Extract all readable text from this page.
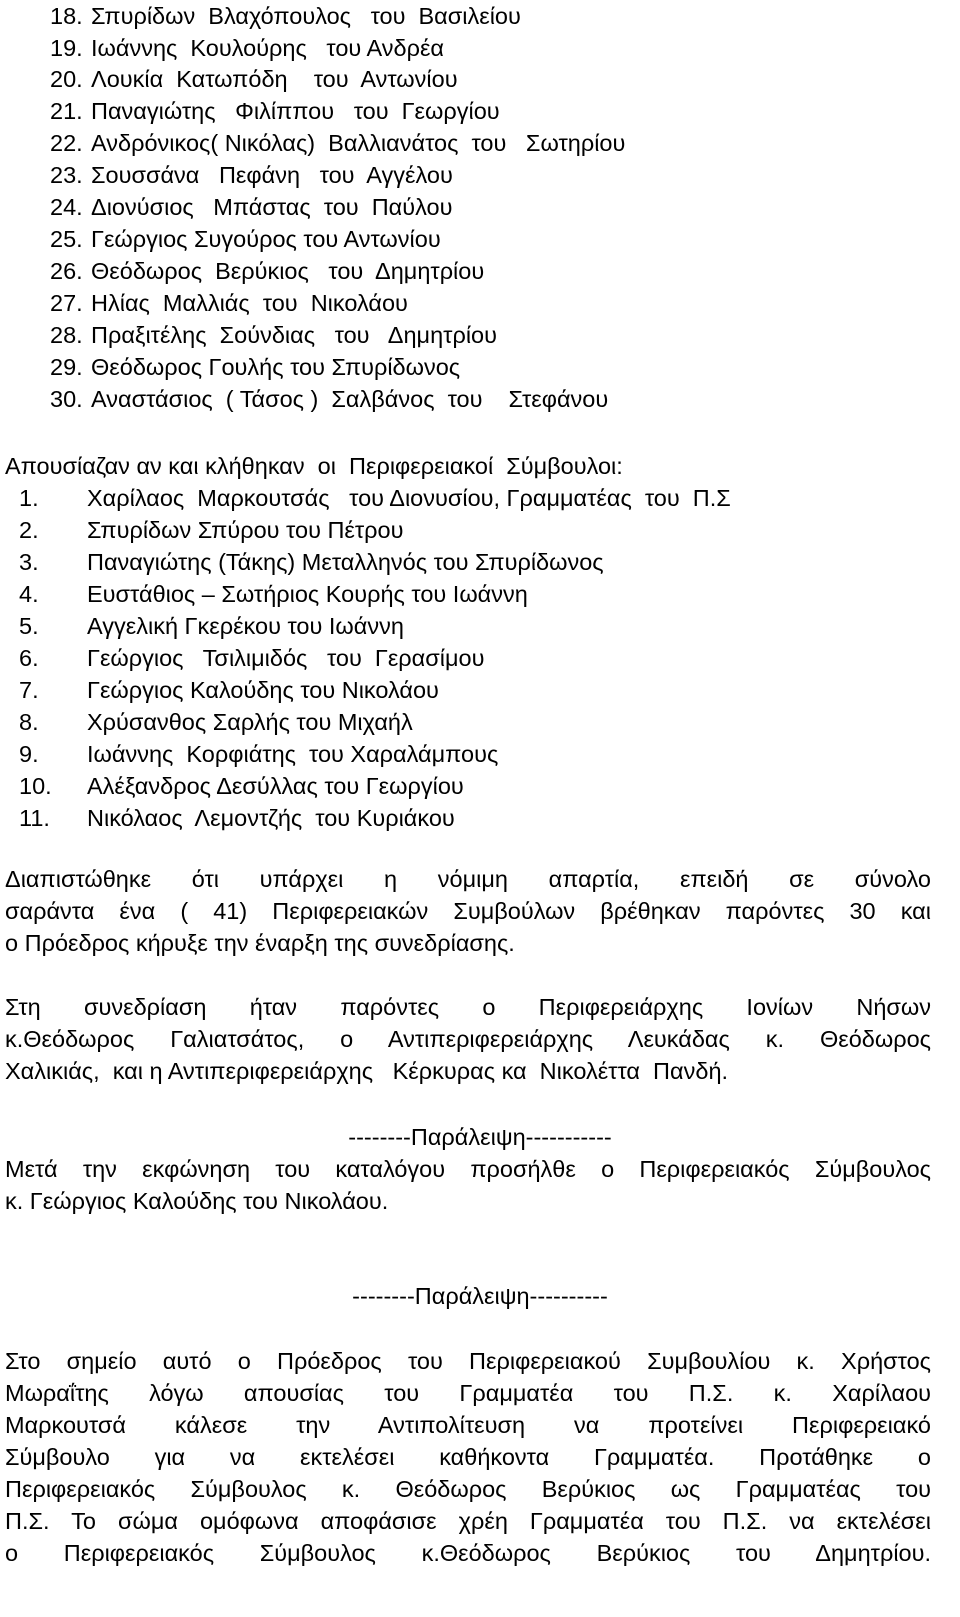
18. Σπυρίδων  Βλαχόπουλος   του  Βασιλείου
19. Ιωάννης  Κουλούρης   του Ανδρέα
20. Λουκία  Κατωπόδη    του  Αντωνίου
21. Παναγιώτης   Φιλίππου   του  Γεωργίου
22. Ανδρόνικος( Νικόλας)  Βαλλιανάτος  του   Σωτηρίου
23. Σουσσάνα   Πεφάνη   του  Αγγέλου
24. Διονύσιος   Μπάστας  του  Παύλου
25. Γεώργιος Συγούρος του Αντωνίου
26. Θεόδωρος  Βερύκιος   του  Δημητρίου
27. Ηλίας  Μαλλιάς  του  Νικολάου
28. Πραξιτέλης  Σούνδιας   του   Δημητρίου
29. Θεόδωρος Γουλής του Σπυρίδωνος
30. Αναστάσιος  ( Τάσος )  Σαλβάνος  του    Στεφάνου
Απουσίαζαν αν και κλήθηκαν  οι  Περιφερειακοί  Σύμβουλοι:
1. Χαρίλαος  Μαρκουτσάς   του Διονυσίου, Γραμματέας  του  Π.Σ
2. Σπυρίδων Σπύρου του Πέτρου
3. Παναγιώτης (Τάκης) Μεταλληνός του Σπυρίδωνος
4. Ευστάθιος – Σωτήριος Κουρής του Ιωάννη
5. Αγγελική Γκερέκου του Ιωάννη
6. Γεώργιος   Τσιλιμιδός   του  Γερασίμου
7. Γεώργιος Καλούδης του Νικολάου
8. Χρύσανθος Σαρλής του Μιχαήλ
9. Ιωάννης  Κορφιάτης  του Χαραλάμπους
10. Αλέξανδρος Δεσύλλας του Γεωργίου
11. Νικόλαος  Λεμοντζής  του Κυριάκου
Διαπιστώθηκε ότι υπάρχει η νόμιμη απαρτία, επειδή σε σύνολο
σαράντα ένα ( 41) Περιφερειακών Συμβούλων βρέθηκαν παρόντες 30 και
ο Πρόεδρος κήρυξε την έναρξη της συνεδρίασης.
Στη συνεδρίαση ήταν παρόντες ο Περιφερειάρχης Ιονίων Νήσων
κ.Θεόδωρος Γαλιατσάτος, ο Αντιπεριφερειάρχης Λευκάδας κ. Θεόδωρος
Χαλικιάς,  και η Αντιπεριφερειάρχης   Κέρκυρας κα  Νικολέττα  Πανδή.
--------Παράλειψη-----------
Μετά την εκφώνηση του καταλόγου προσήλθε ο Περιφερειακός Σύμβουλος
κ. Γεώργιος Καλούδης του Νικολάου.
--------Παράλειψη----------
Στο σημείο αυτό ο Πρόεδρος του Περιφερειακού Συμβουλίου κ. Χρήστος
Μωραΐτης λόγω απουσίας του Γραμματέα του Π.Σ. κ. Χαρίλαου
Μαρκουτσά κάλεσε την Αντιπολίτευση να προτείνει Περιφερειακό
Σύμβουλο για να εκτελέσει καθήκοντα Γραμματέα. Προτάθηκε ο
Περιφερειακός Σύμβουλος κ. Θεόδωρος Βερύκιος ως Γραμματέας του
Π.Σ. Το σώμα ομόφωνα αποφάσισε χρέη Γραμματέα του Π.Σ. να εκτελέσει
ο Περιφερειακός Σύμβουλος κ.Θεόδωρος Βερύκιος του Δημητρίου.
